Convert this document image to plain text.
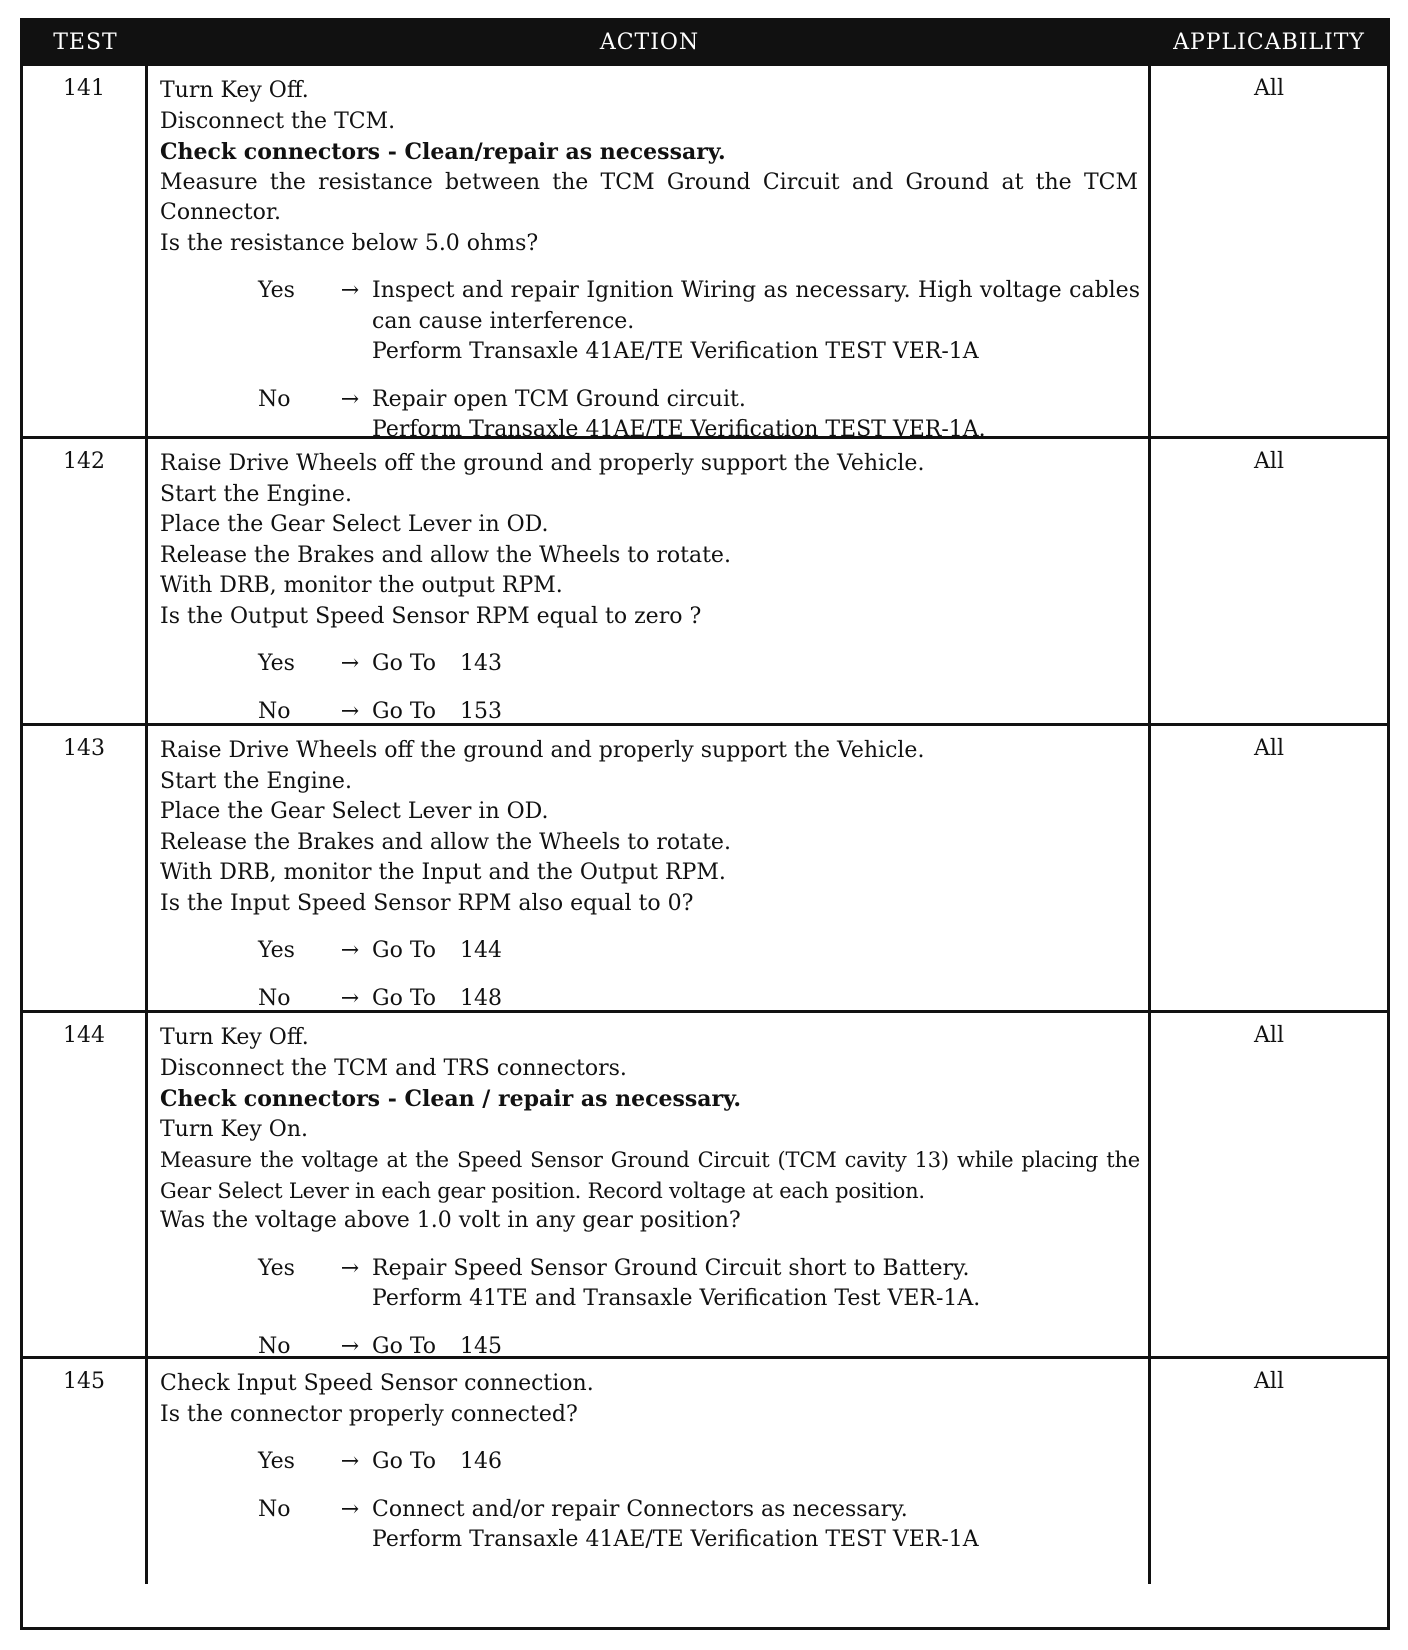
TEST	ACTION	APPLICABILITY
141	Turn Key Off.
Disconnect the TCM.
Check connectors - Clean/repair as necessary.
Measure the resistance between the TCM Ground Circuit and Ground at the TCM Connector.
Is the resistance below 5.0 ohms?
Yes	→ Inspect and repair Ignition Wiring as necessary. High voltage cables can cause interference.
Perform Transaxle 41AE/TE Verification TEST VER-1A
No	→ Repair open TCM Ground circuit.
Perform Transaxle 41AE/TE Verification TEST VER-1A.
All
142	Raise Drive Wheels off the ground and properly support the Vehicle.
Start the Engine.
Place the Gear Select Lever in OD.
Release the Brakes and allow the Wheels to rotate.
With DRB, monitor the output RPM.
Is the Output Speed Sensor RPM equal to zero ?
Yes	→ Go To 143
No	→ Go To 153
All
143	Raise Drive Wheels off the ground and properly support the Vehicle.
Start the Engine.
Place the Gear Select Lever in OD.
Release the Brakes and allow the Wheels to rotate.
With DRB, monitor the Input and the Output RPM.
Is the Input Speed Sensor RPM also equal to 0?
Yes	→ Go To 144
No	→ Go To 148
All
144	Turn Key Off.
Disconnect the TCM and TRS connectors.
Check connectors - Clean / repair as necessary.
Turn Key On.
Measure the voltage at the Speed Sensor Ground Circuit (TCM cavity 13) while placing the Gear Select Lever in each gear position. Record voltage at each position.
Was the voltage above 1.0 volt in any gear position?
Yes	→ Repair Speed Sensor Ground Circuit short to Battery.
Perform 41TE and Transaxle Verification Test VER-1A.
No	→ Go To 145
All
145	Check Input Speed Sensor connection.
Is the connector properly connected?
Yes	→ Go To 146
No	→ Connect and/or repair Connectors as necessary.
Perform Transaxle 41AE/TE Verification TEST VER-1A
All
